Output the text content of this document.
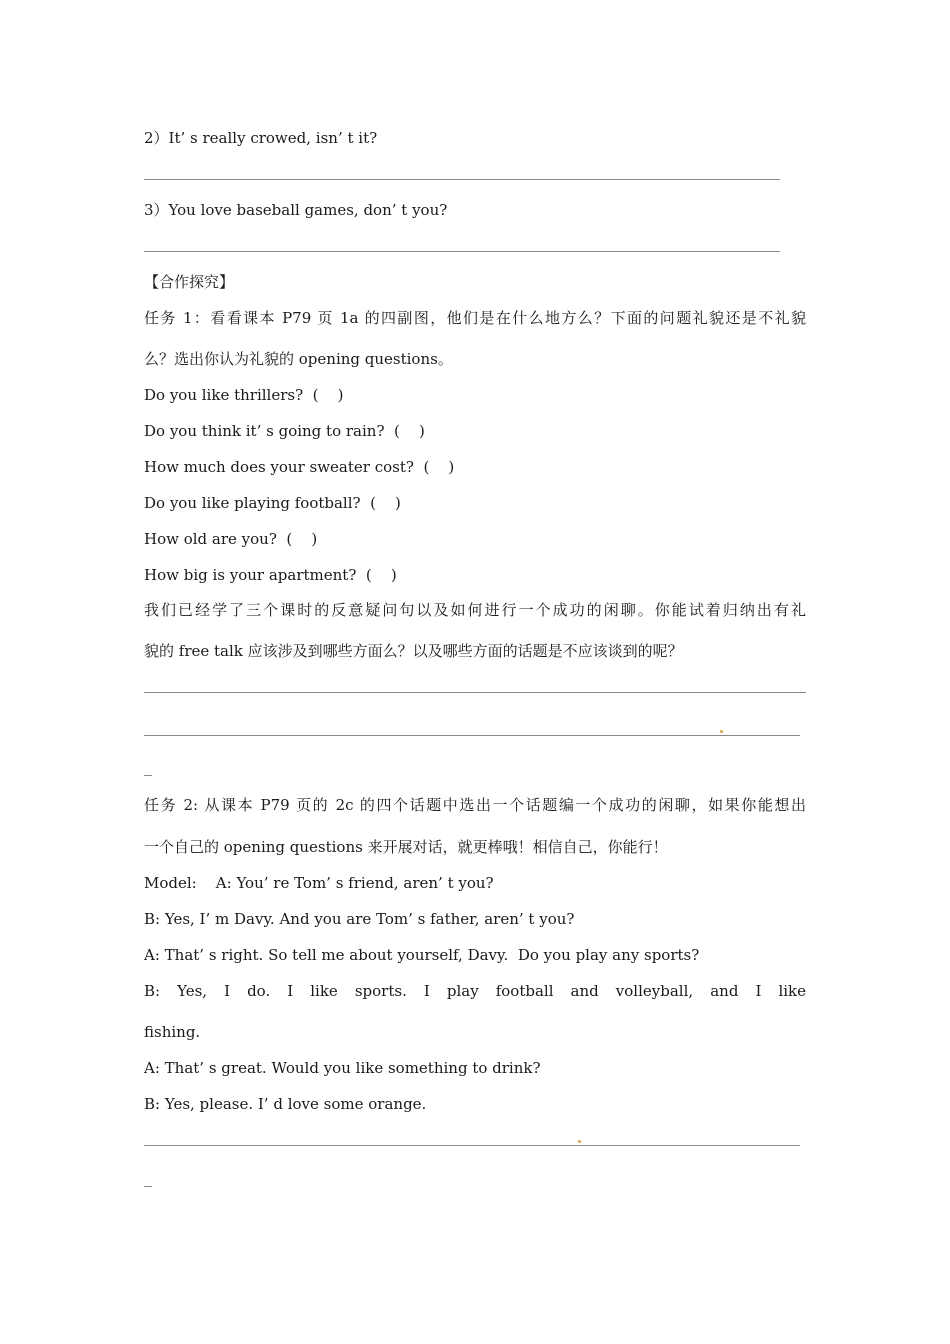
2）It’ s really crowed, isn’ t it?
3）You love baseball games, don’ t you?
【合作探究】
任务 1：看看课本 P79 页 1a 的四副图，他们是在什么地方么？下面的问题礼貌还是不礼貌
么？选出你认为礼貌的 opening questions。
Do you like thrillers?  (    )
Do you think it’ s going to rain?  (    )
How much does your sweater cost?  (    )
Do you like playing football?  (    )
How old are you?  (    )
How big is your apartment?  (    )
我们已经学了三个课时的反意疑问句以及如何进行一个成功的闲聊。你能试着归纳出有礼
貌的 free talk 应该涉及到哪些方面么？以及哪些方面的话题是不应该谈到的呢？
任务 2: 从课本 P79 页的 2c 的四个话题中选出一个话题编一个成功的闲聊，如果你能想出
一个自己的 opening questions 来开展对话，就更棒哦！相信自己，你能行！
Model:    A: You’ re Tom’ s friend, aren’ t you?
B: Yes, I’ m Davy. And you are Tom’ s father, aren’ t you?
A: That’ s right. So tell me about yourself, Davy.  Do you play any sports?
B: Yes, I do. I like sports. I play football and volleyball, and I like
fishing.
A: That’ s great. Would you like something to drink?
B: Yes, please. I’ d love some orange.
